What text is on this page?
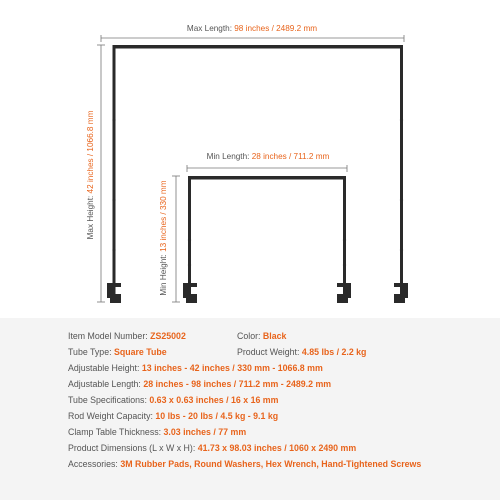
Max Length: 98 inches / 2489.2 mm
Max Height: 42 inches / 1066.8 mm	Min Length: 28 inches / 711.2 mm
Min Height: 13 inches / 330 mm
Item Model Number: ZS25002	Color: Black
Tube Type: Square Tube	Product Weight: 4.85 lbs / 2.2 kg
Adjustable Height: 13 inches - 42 inches / 330 mm - 1066.8 mm
Adjustable Length: 28 inches - 98 inches / 711.2 mm - 2489.2 mm
Tube Specifications: 0.63 x 0.63 inches / 16 x 16 mm
Rod Weight Capacity: 10 lbs - 20 lbs / 4.5 kg - 9.1 kg
Clamp Table Thickness: 3.03 inches / 77 mm
Product Dimensions (L x W x H): 41.73 x 98.03 inches / 1060 x 2490 mm
Accessories: 3M Rubber Pads, Round Washers, Hex Wrench, Hand-Tightened Screws
